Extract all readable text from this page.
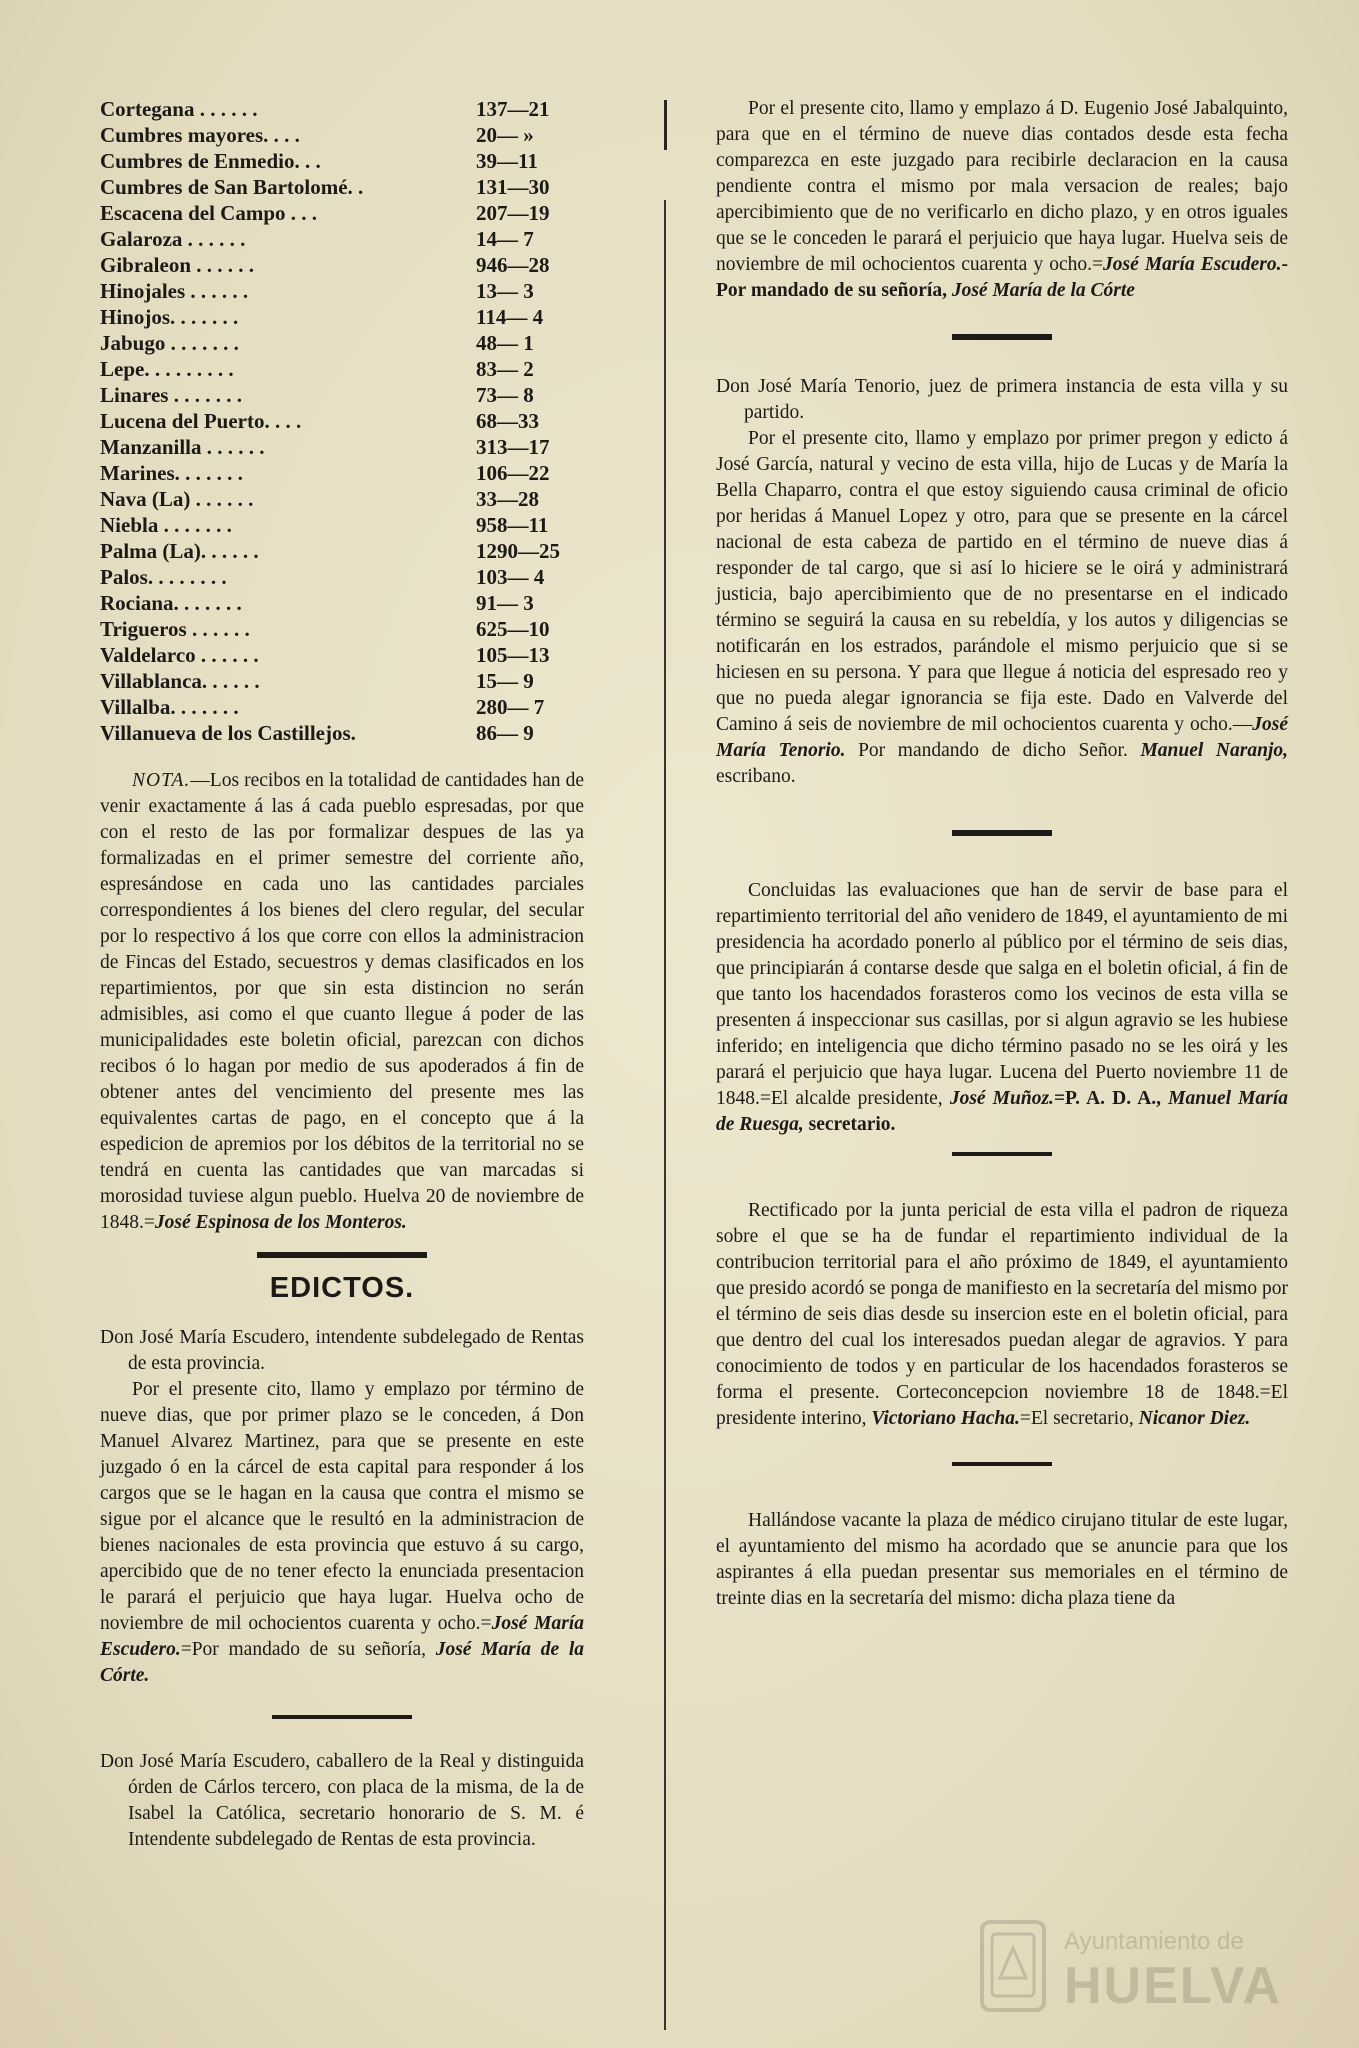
Cortegana . . . . . .	137—21
Cumbres mayores. . . .	20— »
Cumbres de Enmedio. . .	39—11
Cumbres de San Bartolomé. .	131—30
Escacena del Campo . . .	207—19
Galaroza . . . . . .	14— 7
Gibraleon . . . . . .	946—28
Hinojales . . . . . .	13— 3
Hinojos. . . . . . .	114— 4
Jabugo . . . . . . .	48— 1
Lepe. . . . . . . . .	83— 2
Linares . . . . . . .	73— 8
Lucena del Puerto. . . .	68—33
Manzanilla . . . . . .	313—17
Marines. . . . . . .	106—22
Nava (La) . . . . . .	33—28
Niebla . . . . . . .	958—11
Palma (La). . . . . .	1290—25
Palos. . . . . . . .	103— 4
Rociana. . . . . . .	91— 3
Trigueros . . . . . .	625—10
Valdelarco . . . . . .	105—13
Villablanca. . . . . .	15— 9
Villalba. . . . . . .	280— 7
Villanueva de los Castillejos.	86— 9

NOTA.—Los recibos en la totalidad de cantidades han de venir exactamente á las á cada pueblo espresadas, por que con el resto de las por formalizar despues de las ya formalizadas en el primer semestre del corriente año, espresándose en cada uno las cantidades parciales correspondientes á los bienes del clero regular, del secular por lo respectivo á los que corre con ellos la administracion de Fincas del Estado, secuestros y demas clasificados en los repartimientos, por que sin esta distincion no serán admisibles, asi como el que cuanto llegue á poder de las municipalidades este boletin oficial, parezcan con dichos recibos ó lo hagan por medio de sus apoderados á fin de obtener antes del vencimiento del presente mes las equivalentes cartas de pago, en el concepto que á la espedicion de apremios por los débitos de la territorial no se tendrá en cuenta las cantidades que van marcadas si morosidad tuviese algun pueblo. Huelva 20 de noviembre de 1848.=José Espinosa de los Monteros.

EDICTOS.

Don José María Escudero, intendente subdelegado de Rentas de esta provincia.

Por el presente cito, llamo y emplazo por término de nueve dias, que por primer plazo se le conceden, á Don Manuel Alvarez Martinez, para que se presente en este juzgado ó en la cárcel de esta capital para responder á los cargos que se le hagan en la causa que contra el mismo se sigue por el alcance que le resultó en la administracion de bienes nacionales de esta provincia que estuvo á su cargo, apercibido que de no tener efecto la enunciada presentacion le parará el perjuicio que haya lugar. Huelva ocho de noviembre de mil ochocientos cuarenta y ocho.=José María Escudero.=Por mandado de su señoría, José María de la Córte.

Don José María Escudero, caballero de la Real y distinguida órden de Cárlos tercero, con placa de la misma, de la de Isabel la Católica, secretario honorario de S. M. é Intendente subdelegado de Rentas de esta provincia.

Por el presente cito, llamo y emplazo á D. Eugenio José Jabalquinto, para que en el término de nueve dias contados desde esta fecha comparezca en este juzgado para recibirle declaracion en la causa pendiente contra el mismo por mala versacion de reales; bajo apercibimiento que de no verificarlo en dicho plazo, y en otros iguales que se le conceden le parará el perjuicio que haya lugar. Huelva seis de noviembre de mil ochocientos cuarenta y ocho.=José María Escudero.-Por mandado de su señoría, José María de la Córte

Don José María Tenorio, juez de primera instancia de esta villa y su partido.

Por el presente cito, llamo y emplazo por primer pregon y edicto á José García, natural y vecino de esta villa, hijo de Lucas y de María la Bella Chaparro, contra el que estoy siguiendo causa criminal de oficio por heridas á Manuel Lopez y otro, para que se presente en la cárcel nacional de esta cabeza de partido en el término de nueve dias á responder de tal cargo, que si así lo hiciere se le oirá y administrará justicia, bajo apercibimiento que de no presentarse en el indicado término se seguirá la causa en su rebeldía, y los autos y diligencias se notificarán en los estrados, parándole el mismo perjuicio que si se hiciesen en su persona. Y para que llegue á noticia del espresado reo y que no pueda alegar ignorancia se fija este. Dado en Valverde del Camino á seis de noviembre de mil ochocientos cuarenta y ocho.—José María Tenorio. Por mandando de dicho Señor. Manuel Naranjo, escribano.

Concluidas las evaluaciones que han de servir de base para el repartimiento territorial del año venidero de 1849, el ayuntamiento de mi presidencia ha acordado ponerlo al público por el término de seis dias, que principiarán á contarse desde que salga en el boletin oficial, á fin de que tanto los hacendados forasteros como los vecinos de esta villa se presenten á inspeccionar sus casillas, por si algun agravio se les hubiese inferido; en inteligencia que dicho término pasado no se les oirá y les parará el perjuicio que haya lugar. Lucena del Puerto noviembre 11 de 1848.=El alcalde presidente, José Muñoz.=P. A. D. A., Manuel María de Ruesga, secretario.

Rectificado por la junta pericial de esta villa el padron de riqueza sobre el que se ha de fundar el repartimiento individual de la contribucion territorial para el año próximo de 1849, el ayuntamiento que presido acordó se ponga de manifiesto en la secretaría del mismo por el término de seis dias desde su insercion este en el boletin oficial, para que dentro del cual los interesados puedan alegar de agravios. Y para conocimiento de todos y en particular de los hacendados forasteros se forma el presente. Corteconcepcion noviembre 18 de 1848.=El presidente interino, Victoriano Hacha.=El secretario, Nicanor Diez.

Hallándose vacante la plaza de médico cirujano titular de este lugar, el ayuntamiento del mismo ha acordado que se anuncie para que los aspirantes á ella puedan presentar sus memoriales en el término de treinte dias en la secretaría del mismo: dicha plaza tiene da

Ayuntamiento de
HUELVA
